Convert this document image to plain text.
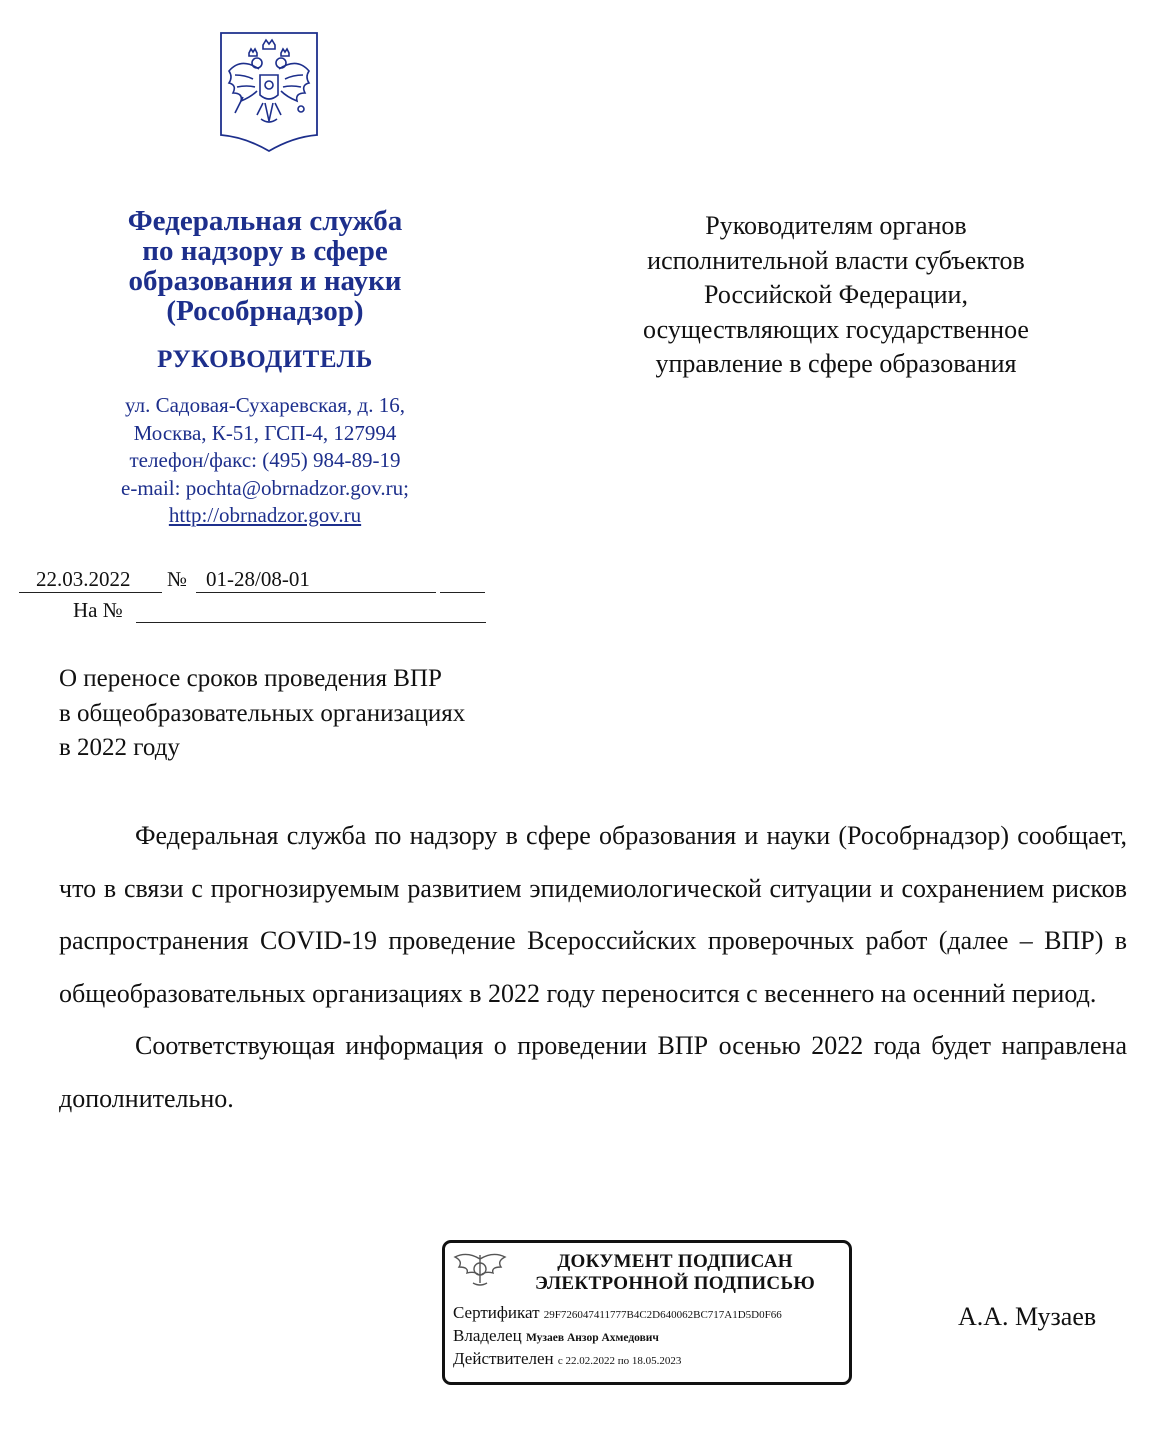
Федеральная служба
по надзору в сфере
образования и науки
(Рособрнадзор)
РУКОВОДИТЕЛЬ
ул. Садовая-Сухаревская, д. 16,
Москва, К-51, ГСП-4, 127994
телефон/факс: (495) 984-89-19
e-mail: pochta@obrnadzor.gov.ru;
http://obrnadzor.gov.ru
Руководителям органов
исполнительной власти субъектов
Российской Федерации,
осуществляющих государственное
управление в сфере образования
22.03.2022 № 01-28/08-01
На №
О переносе сроков проведения ВПР
в общеобразовательных организациях
в 2022 году

Федеральная служба по надзору в сфере образования и науки (Рособрнадзор) сообщает, что в связи с прогнозируемым развитием эпидемиологической ситуации и сохранением рисков распространения COVID-19 проведение Всероссийских проверочных работ (далее – ВПР) в общеобразовательных организациях в 2022 году переносится с весеннего на осенний период.

Соответствующая информация о проведении ВПР осенью 2022 года будет направлена дополнительно.

ДОКУМЕНТ ПОДПИСАН
ЭЛЕКТРОННОЙ ПОДПИСЬЮ
Сертификат 29F726047411777B4C2D640062BC717A1D5D0F66
Владелец Музаев Анзор Ахмедович
Действителен с 22.02.2022 по 18.05.2023
А.А. Музаев
